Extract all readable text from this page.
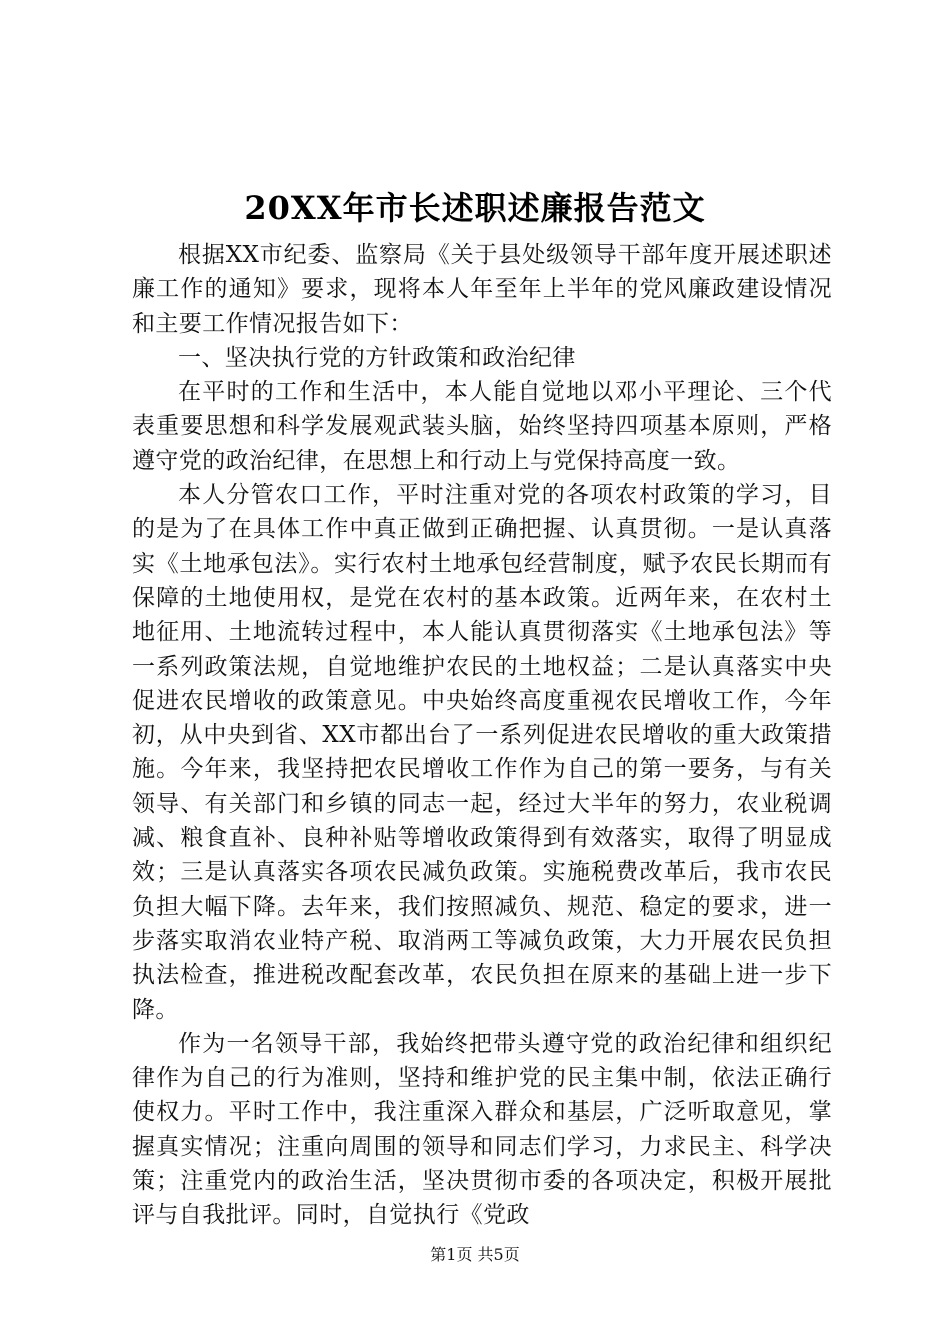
20XX年市长述职述廉报告范文

根据XX市纪委、监察局《关于县处级领导干部年度开展述职述廉工作的通知》要求，现将本人年至年上半年的党风廉政建设情况和主要工作情况报告如下：

一、坚决执行党的方针政策和政治纪律

在平时的工作和生活中，本人能自觉地以邓小平理论、三个代表重要思想和科学发展观武装头脑，始终坚持四项基本原则，严格遵守党的政治纪律，在思想上和行动上与党保持高度一致。

本人分管农口工作，平时注重对党的各项农村政策的学习，目的是为了在具体工作中真正做到正确把握、认真贯彻。一是认真落实《土地承包法》。实行农村土地承包经营制度，赋予农民长期而有保障的土地使用权，是党在农村的基本政策。近两年来，在农村土地征用、土地流转过程中，本人能认真贯彻落实《土地承包法》等一系列政策法规，自觉地维护农民的土地权益；二是认真落实中央促进农民增收的政策意见。中央始终高度重视农民增收工作，今年初，从中央到省、XX市都出台了一系列促进农民增收的重大政策措施。今年来，我坚持把农民增收工作作为自己的第一要务，与有关领导、有关部门和乡镇的同志一起，经过大半年的努力，农业税调减、粮食直补、良种补贴等增收政策得到有效落实，取得了明显成效；三是认真落实各项农民减负政策。实施税费改革后，我市农民负担大幅下降。去年来，我们按照减负、规范、稳定的要求，进一步落实取消农业特产税、取消两工等减负政策，大力开展农民负担执法检查，推进税改配套改革，农民负担在原来的基础上进一步下降。

作为一名领导干部，我始终把带头遵守党的政治纪律和组织纪律作为自己的行为准则，坚持和维护党的民主集中制，依法正确行使权力。平时工作中，我注重深入群众和基层，广泛听取意见，掌握真实情况；注重向周围的领导和同志们学习，力求民主、科学决策；注重党内的政治生活，坚决贯彻市委的各项决定，积极开展批评与自我批评。同时，自觉执行《党政

第1页 共5页
